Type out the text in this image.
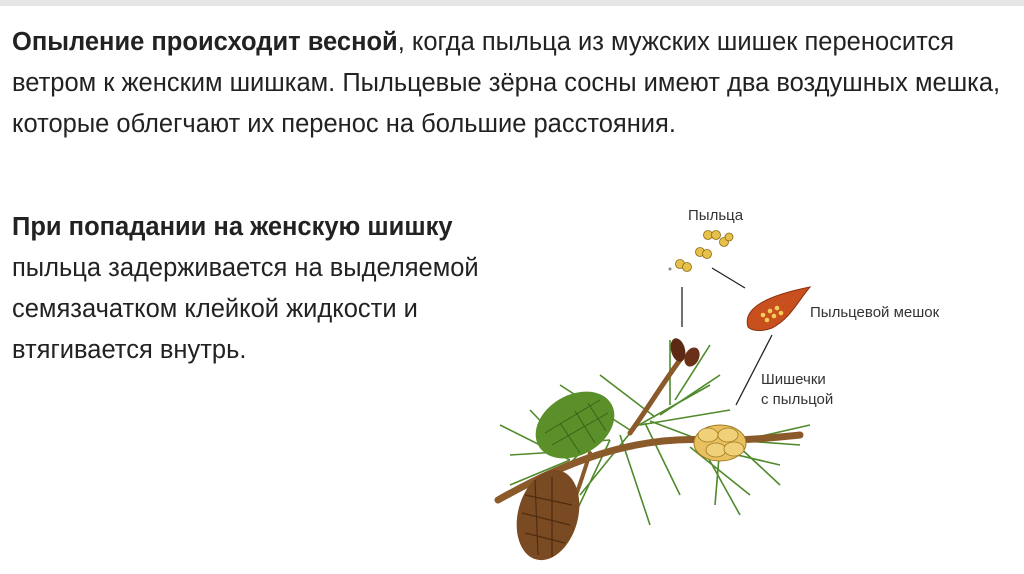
Опыление происходит весной, когда пыльца из мужских шишек переносится ветром к женским шишкам. Пыльцевые зёрна сосны имеют два воздушных мешка, которые облегчают их перенос на большие расстояния.

При попадании на женскую шишку пыльца задерживается на выделяемой семязачатком клейкой жидкости и втягивается внутрь.

Пыльца
Пыльцевой мешок
Шишечки
с пыльцой
